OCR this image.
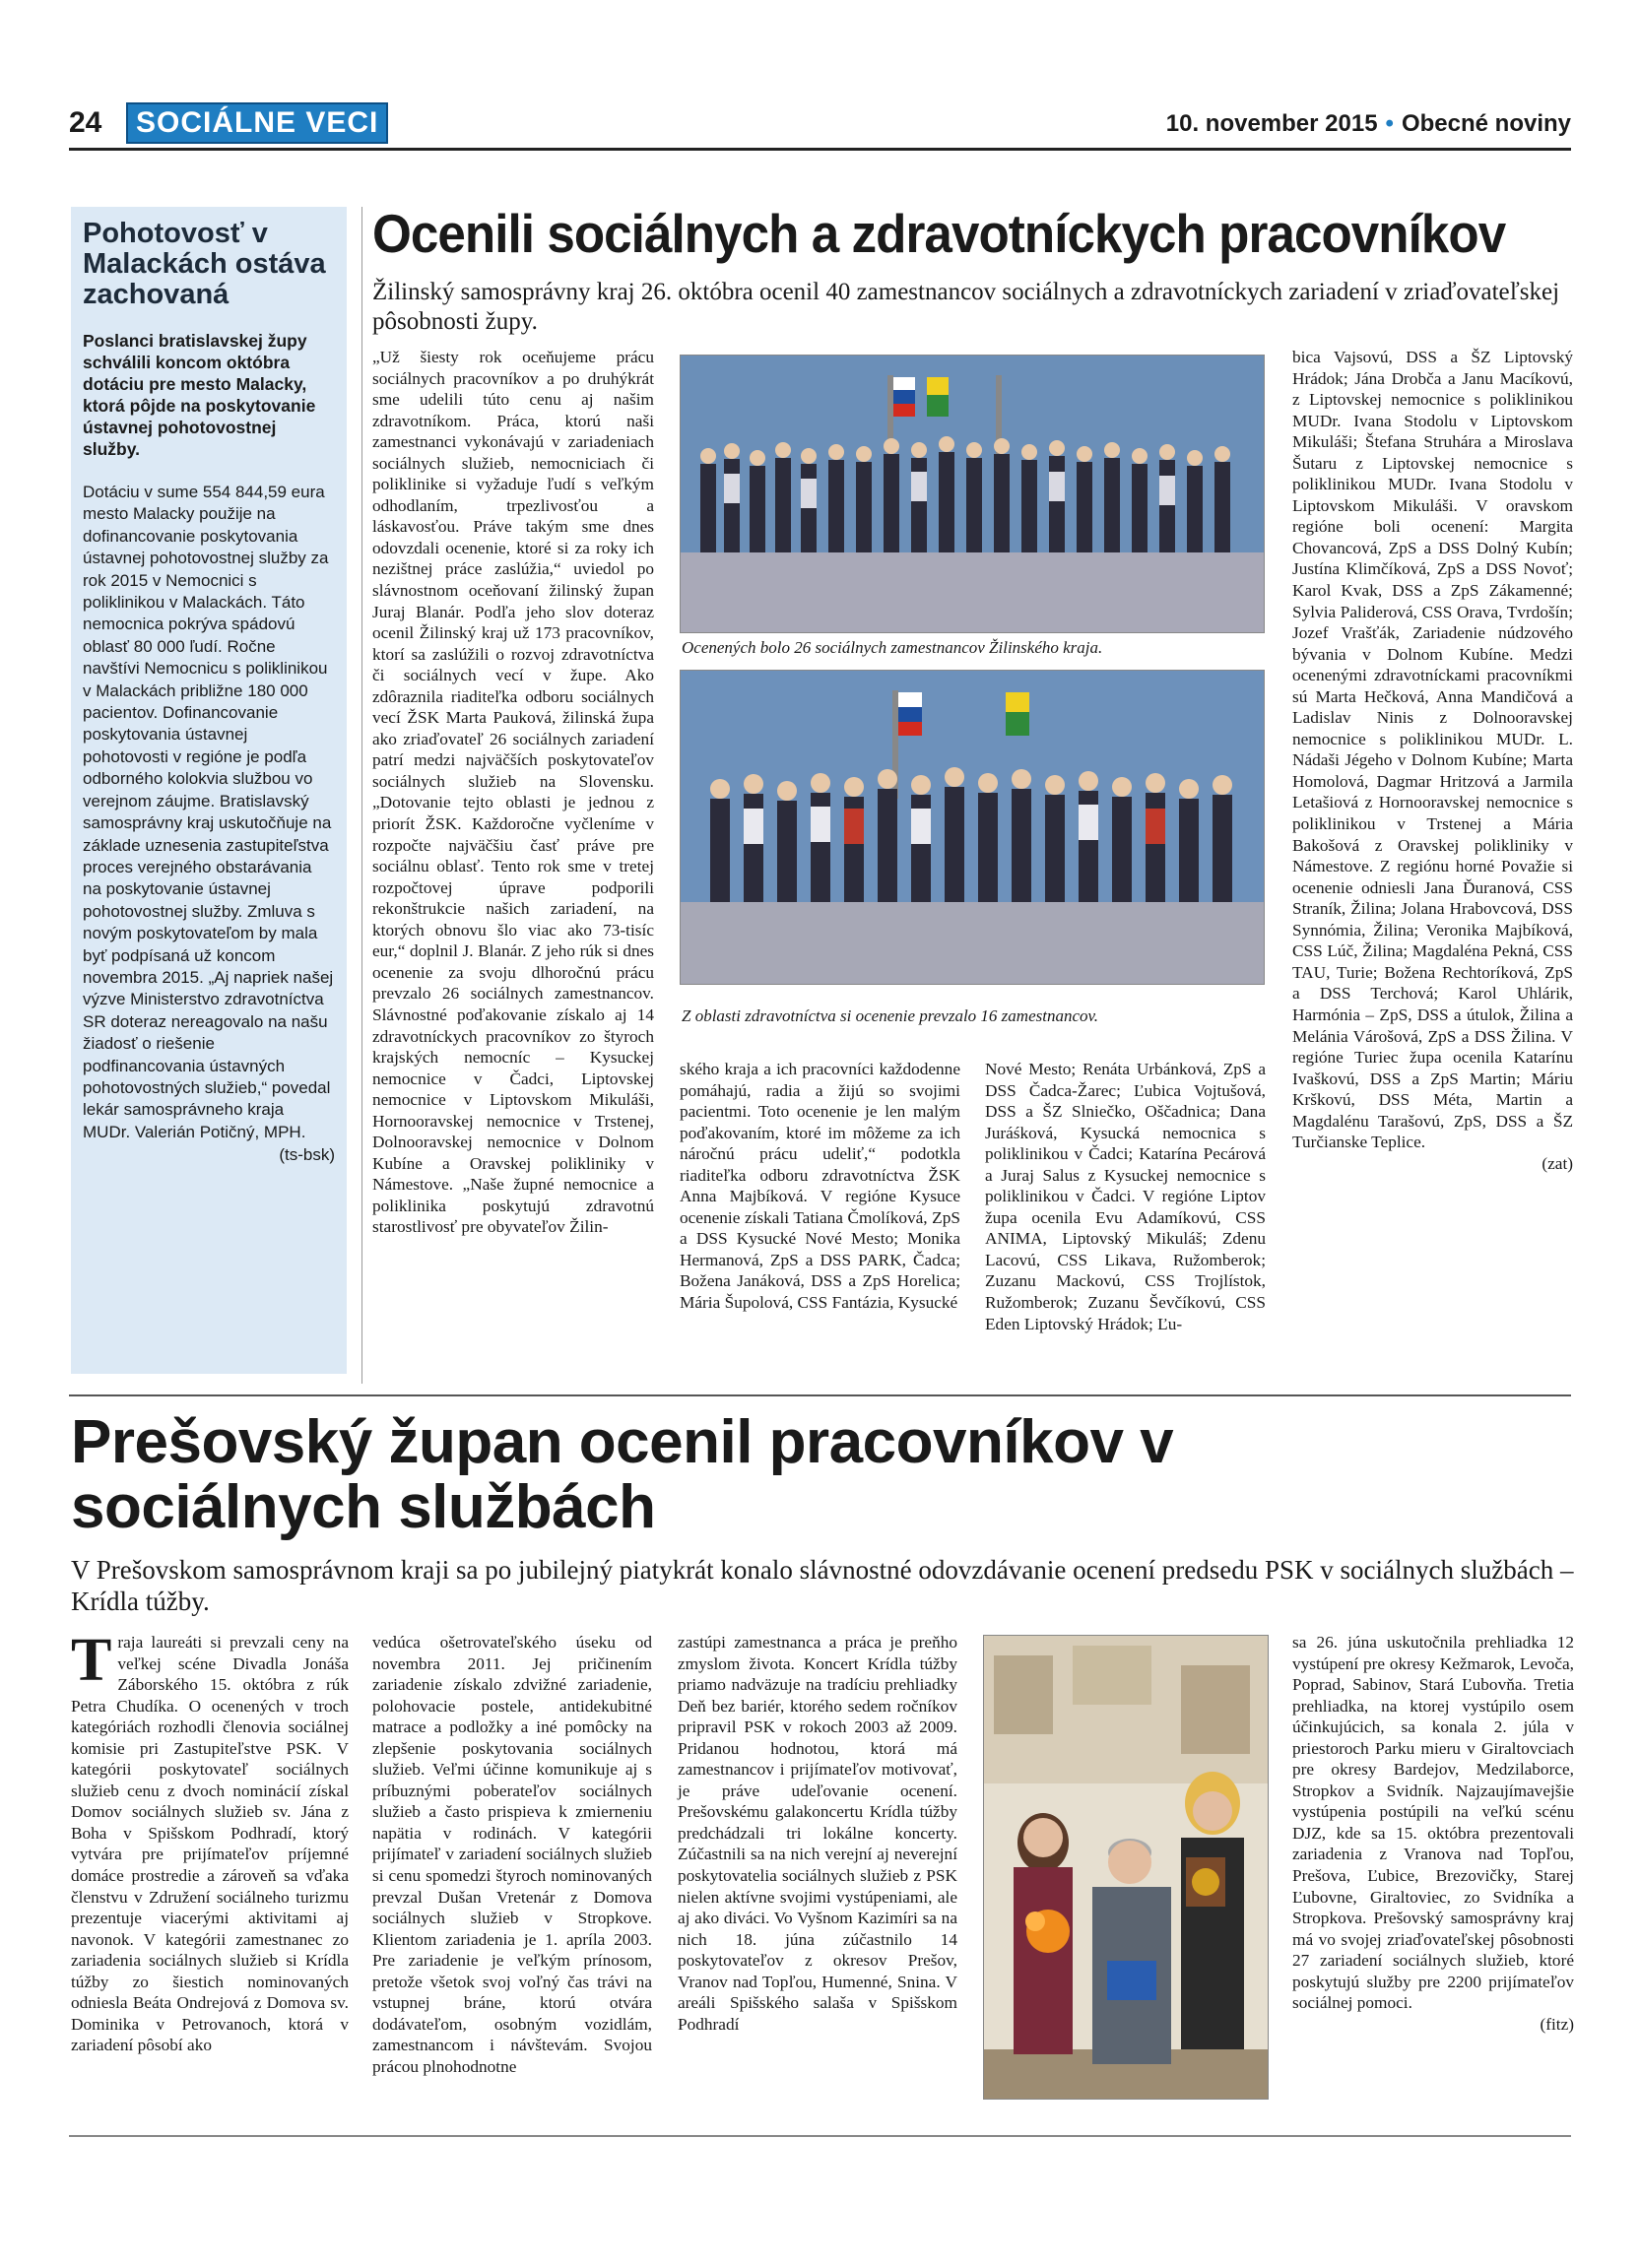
24	SOCIÁLNE VECI	10. november 2015 • Obecné noviny
Pohotovosť v Malackách ostáva zachovaná
Poslanci bratislavskej župy schválili koncom októbra dotáciu pre mesto Malacky, ktorá pôjde na poskytovanie ústavnej pohotovostnej služby.
Dotáciu v sume 554 844,59 eura mesto Malacky použije na dofinancovanie poskytovania ústavnej pohotovostnej služby za rok 2015 v Nemocnici s poliklinikou v Malackách. Táto nemocnica pokrýva spádovú oblasť 80 000 ľudí. Ročne navštívi Nemocnicu s poliklinikou v Malackách približne 180 000 pacientov. Dofinancovanie poskytovania ústavnej pohotovosti v regióne je podľa odborného kolokvia službou vo verejnom záujme. Bratislavský samosprávny kraj uskutočňuje na základe uznesenia zastupiteľstva proces verejného obstarávania na poskytovanie ústavnej pohotovostnej služby. Zmluva s novým poskytovateľom by mala byť podpísaná už koncom novembra 2015. „Aj napriek našej výzve Ministerstvo zdravotníctva SR doteraz nereagovalo na našu žiadosť o riešenie podfinancovania ústavných pohotovostných služieb,“ povedal lekár samosprávneho kraja MUDr. Valerián Potičný, MPH.
(ts-bsk)
Ocenili sociálnych a zdravotníckych pracovníkov
Žilinský samosprávny kraj 26. októbra ocenil 40 zamestnancov sociálnych a zdravotníckych zariadení v zriaďovateľskej pôsobnosti župy.
„Už šiesty rok oceňujeme prácu sociálnych pracovníkov a po druhýkrát sme udelili túto cenu aj našim zdravotníkom. Práca, ktorú naši zamestnanci vykonávajú v zariadeniach sociálnych služieb, nemocniciach či poliklinike si vyžaduje ľudí s veľkým odhodlaním, trpezlivosťou a láskavosťou. Práve takým sme dnes odovzdali ocenenie, ktoré si za roky ich nezištnej práce zaslúžia,“ uviedol po slávnostnom oceňovaní žilinský župan Juraj Blanár. Podľa jeho slov doteraz ocenil Žilinský kraj už 173 pracovníkov, ktorí sa zaslúžili o rozvoj zdravotníctva či sociálnych vecí v župe. Ako zdôraznila riaditeľka odboru sociálnych vecí ŽSK Marta Pauková, žilinská župa ako zriaďovateľ 26 sociálnych zariadení patrí medzi najväčších poskytovateľov sociálnych služieb na Slovensku. „Dotovanie tejto oblasti je jednou z priorít ŽSK. Každoročne vyčleníme v rozpočte najväčšiu časť práve pre sociálnu oblasť. Tento rok sme v tretej rozpočtovej úprave podporili rekonštrukcie našich zariadení, na ktorých obnovu šlo viac ako 73-tisíc eur,“ doplnil J. Blanár. Z jeho rúk si dnes ocenenie za svoju dlhoročnú prácu prevzalo 26 sociálnych zamestnancov. Slávnostné poďakovanie získalo aj 14 zdravotníckych pracovníkov zo štyroch krajských nemocníc – Kysuckej nemocnice v Čadci, Liptovskej nemocnice v Liptovskom Mikuláši, Hornooravskej nemocnice v Trstenej, Dolnooravskej nemocnice v Dolnom Kubíne a Oravskej polikliniky v Námestove. „Naše župné nemocnice a poliklinika poskytujú zdravotnú starostlivosť pre obyvateľov Žilin-
Ocenených bolo 26 sociálnych zamestnancov Žilinského kraja.
Z oblasti zdravotníctva si ocenenie prevzalo 16 zamestnancov.
ského kraja a ich pracovníci každodenne pomáhajú, radia a žijú so svojimi pacientmi. Toto ocenenie je len malým poďakovaním, ktoré im môžeme za ich náročnú prácu udeliť,“ podotkla riaditeľka odboru zdravotníctva ŽSK Anna Majbíková. V regióne Kysuce ocenenie získali Tatiana Čmolíková, ZpS a DSS Kysucké Nové Mesto; Monika Hermanová, ZpS a DSS PARK, Čadca; Božena Janáková, DSS a ZpS Horelica; Mária Šupolová, CSS Fantázia, Kysucké
Nové Mesto; Renáta Urbánková, ZpS a DSS Čadca-Žarec; Ľubica Vojtušová, DSS a ŠZ Slniečko, Oščadnica; Dana Juráśková, Kysucká nemocnica s poliklinikou v Čadci; Katarína Pecárová a Juraj Salus z Kysuckej nemocnice s poliklinikou v Čadci. V regióne Liptov župa ocenila Evu Adamíkovú, CSS ANIMA, Liptovský Mikuláš; Zdenu Lacovú, CSS Likava, Ružomberok; Zuzanu Mackovú, CSS Trojlístok, Ružomberok; Zuzanu Ševčíkovú, CSS Eden Liptovský Hrádok; Ľu-
bica Vajsovú, DSS a ŠZ Liptovský Hrádok; Jána Drobča a Janu Macíkovú, z Liptovskej nemocnice s poliklinikou MUDr. Ivana Stodolu v Liptovskom Mikuláši; Štefana Struhára a Miroslava Šutaru z Liptovskej nemocnice s poliklinikou MUDr. Ivana Stodolu v Liptovskom Mikuláši. V oravskom regióne boli ocenení: Margita Chovancová, ZpS a DSS Dolný Kubín; Justína Klimčíková, ZpS a DSS Novoť; Karol Kvak, DSS a ZpS Zákamenné; Sylvia Paliderová, CSS Orava, Tvrdošín; Jozef Vrašťák, Zariadenie núdzového bývania v Dolnom Kubíne. Medzi ocenenými zdravotníckami pracovníkmi sú Marta Hečková, Anna Mandičová a Ladislav Ninis z Dolnooravskej nemocnice s poliklinikou MUDr. L. Nádaši Jégeho v Dolnom Kubíne; Marta Homolová, Dagmar Hritzová a Jarmila Letašiová z Hornooravskej nemocnice s poliklinikou v Trstenej a Mária Bakošová z Oravskej polikliniky v Námestove. Z regiónu horné Považie si ocenenie odniesli Jana Ďuranová, CSS Straník, Žilina; Jolana Hrabovcová, DSS Synnómia, Žilina; Veronika Majbíková, CSS Lúč, Žilina; Magdaléna Pekná, CSS TAU, Turie; Božena Rechtoríková, ZpS a DSS Terchová; Karol Uhlárik, Harmónia – ZpS, DSS a útulok, Žilina a Melánia Várošová, ZpS a DSS Žilina. V regióne Turiec župa ocenila Katarínu Ivaškovú, DSS a ZpS Martin; Máriu Krškovú, DSS Méta, Martin a Magdalénu Tarašovú, ZpS, DSS a ŠZ Turčianske Teplice.
(zat)
Prešovský župan ocenil pracovníkov v sociálnych službách
V Prešovskom samosprávnom kraji sa po jubilejný piatykrát konalo slávnostné odovzdávanie ocenení predsedu PSK v sociálnych službách – Krídla túžby.
Traja laureáti si prevzali ceny na veľkej scéne Divadla Jonáša Záborského 15. októbra z rúk Petra Chudíka. O ocenených v troch kategóriách rozhodli členovia sociálnej komisie pri Zastupiteľstve PSK. V kategórii poskytovateľ sociálnych služieb cenu z dvoch nominácií získal Domov sociálnych služieb sv. Jána z Boha v Spišskom Podhradí, ktorý vytvára pre prijímateľov príjemné domáce prostredie a zároveň sa vďaka členstvu v Združení sociálneho turizmu prezentuje viacerými aktivitami aj navonok. V kategórii zamestnanec zo zariadenia sociálnych služieb si Krídla túžby zo šiestich nominovaných odniesla Beáta Ondrejová z Domova sv. Dominika v Petrovanoch, ktorá v zariadení pôsobí ako
vedúca ošetrovateľského úseku od novembra 2011. Jej pričinením zariadenie získalo zdvižné zariadenie, polohovacie postele, antidekubitné matrace a podložky a iné pomôcky na zlepšenie poskytovania sociálnych služieb. Veľmi účinne komunikuje aj s príbuznými poberateľov sociálnych služieb a často prispieva k zmierneniu napätia v rodinách. V kategórii prijímateľ v zariadení sociálnych služieb si cenu spomedzi štyroch nominovaných prevzal Dušan Vretenár z Domova sociálnych služieb v Stropkove. Klientom zariadenia je 1. apríla 2003. Pre zariadenie je veľkým prínosom, pretože všetok svoj voľný čas trávi na vstupnej bráne, ktorú otvára dodávateľom, osobným vozidlám, zamestnancom i návštevám. Svojou prácou plnohodnotne
zastúpi zamestnanca a práca je preňho zmyslom života. Koncert Krídla túžby priamo nadväzuje na tradíciu prehliadky Deň bez bariér, ktorého sedem ročníkov pripravil PSK v rokoch 2003 až 2009. Pridanou hodnotou, ktorá má zamestnancov i prijímateľov motivovať, je práve udeľovanie ocenení. Prešovskému galakoncertu Krídla túžby predchádzali tri lokálne koncerty. Zúčastnili sa na nich verejní aj neverejní poskytovatelia sociálnych služieb z PSK nielen aktívne svojimi vystúpeniami, ale aj ako diváci. Vo Vyšnom Kazimíri sa na nich 18. júna zúčastnilo 14 poskytovateľov z okresov Prešov, Vranov nad Topľou, Humenné, Snina. V areáli Spišského salaša v Spišskom Podhradí
sa 26. júna uskutočnila prehliadka 12 vystúpení pre okresy Kežmarok, Levoča, Poprad, Sabinov, Stará Ľubovňa. Tretia prehliadka, na ktorej vystúpilo osem účinkujúcich, sa konala 2. júla v priestoroch Parku mieru v Giraltovciach pre okresy Bardejov, Medzilaborce, Stropkov a Svidník. Najzaujímavejšie vystúpenia postúpili na veľkú scénu DJZ, kde sa 15. októbra prezentovali zariadenia z Vranova nad Topľou, Prešova, Ľubice, Brezovičky, Starej Ľubovne, Giraltoviec, zo Svidníka a Stropkova. Prešovský samosprávny kraj má vo svojej zriaďovateľskej pôsobnosti 27 zariadení sociálnych služieb, ktoré poskytujú služby pre 2200 prijímateľov sociálnej pomoci.
(fitz)
